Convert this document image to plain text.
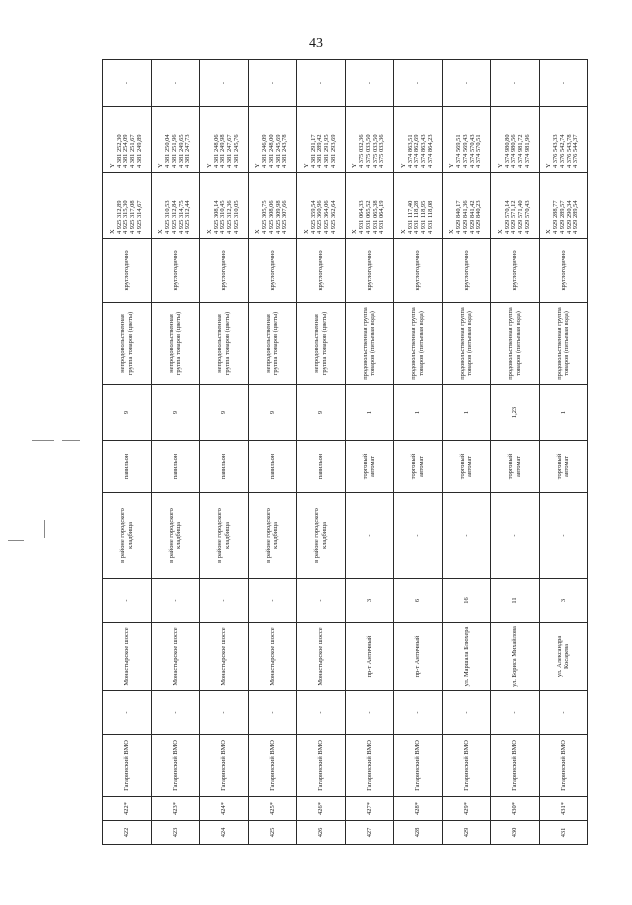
43
422	422*	Гагаринский ВМО	-	Монастырское шоссе	-	в районе городского кладбища	павильон	9	непродовольственная группа товаров (цветы)	круглогодично	X 4 925 312,89 4 925 315,30 4 925 317,08 4 925 314,67	Y 4 381 252,30 4 381 254,09 4 381 251,67 4 381 249,89	-
423	423*	Гагаринский ВМО	-	Монастырское шоссе	-	в районе городского кладбища	павильон	9	непродовольственная группа товаров (цветы)	круглогодично	X 4 925 310,53 4 925 312,84 4 925 314,75 4 925 312,44	Y 4 381 250,04 4 381 251,96 4 381 249,65 4 381 247,73	-
424	424*	Гагаринский ВМО	-	Монастырское шоссе	-	в районе городского кладбища	павильон	9	непродовольственная группа товаров (цветы)	круглогодично	X 4 925 308,14 4 925 310,45 4 925 312,36 4 925 310,05	Y 4 381 248,06 4 381 249,98 4 381 247,67 4 381 245,76	-
425	425*	Гагаринский ВМО	-	Монастырское шоссе	-	в районе городского кладбища	павильон	9	непродовольственная группа товаров (цветы)	круглогодично	X 4 925 305,75 4 925 308,06 4 925 309,98 4 925 307,66	Y 4 381 246,09 4 381 248,00 4 381 245,69 4 381 243,78	-
426	426*	Гагаринский ВМО	-	Монастырское шоссе	-	в районе городского кладбища	павильон	9	непродовольственная группа товаров (цветы)	круглогодично	X 4 925 359,54 4 925 360,96 4 925 364,06 4 925 362,64	Y 4 381 291,17 4 381 289,42 4 381 291,95 4 381 293,69	-
427	427*	Гагаринский ВМО	-	пр-т Античный	3	-	торговый автомат	1	продовольственная группа товаров (питьевая вода)	круглогодично	X 4 931 064,33 4 931 065,52 4 931 065,38 4 931 064,19	Y 4 375 032,36 4 375 033,50 4 375 033,50 4 375 033,36	-
428	428*	Гагаринский ВМО	-	пр-т Античный	6	-	торговый автомат	1	продовольственная группа товаров (питьевая вода)	круглогодично	X 4 931 117,40 4 931 118,28 4 931 118,95 4 931 118,08	Y 4 374 863,51 4 374 862,69 4 374 863,43 4 374 864,23	-
429	429*	Гагаринский ВМО	-	ул. Маршала Блюхера	16	-	торговый автомат	1	продовольственная группа товаров (питьевая вода)	круглогодично	X 4 929 840,17 4 929 841,36 4 929 841,42 4 929 840,23	Y 4 374 569,51 4 374 569,43 4 374 570,43 4 374 570,51	-
430	430*	Гагаринский ВМО	-	ул. Бориса Михайлова	11	-	торговый автомат	1,23	продовольственная группа товаров (питьевая вода)	круглогодично	X 4 929 570,14 4 929 571,12 4 929 571,40 4 929 570,43	Y 4 374 980,80 4 374 980,56 4 374 981,72 4 374 981,96	-
431	431*	Гагаринский ВМО	-	ул. Александра Косарева	3	-	торговый автомат	1	продовольственная группа товаров (питьевая вода)	круглогодично	X 4 929 288,77 4 929 289,57 4 929 290,34 4 929 289,54	Y 4 376 543,33 4 376 542,74 4 376 543,78 4 376 544,37	-
